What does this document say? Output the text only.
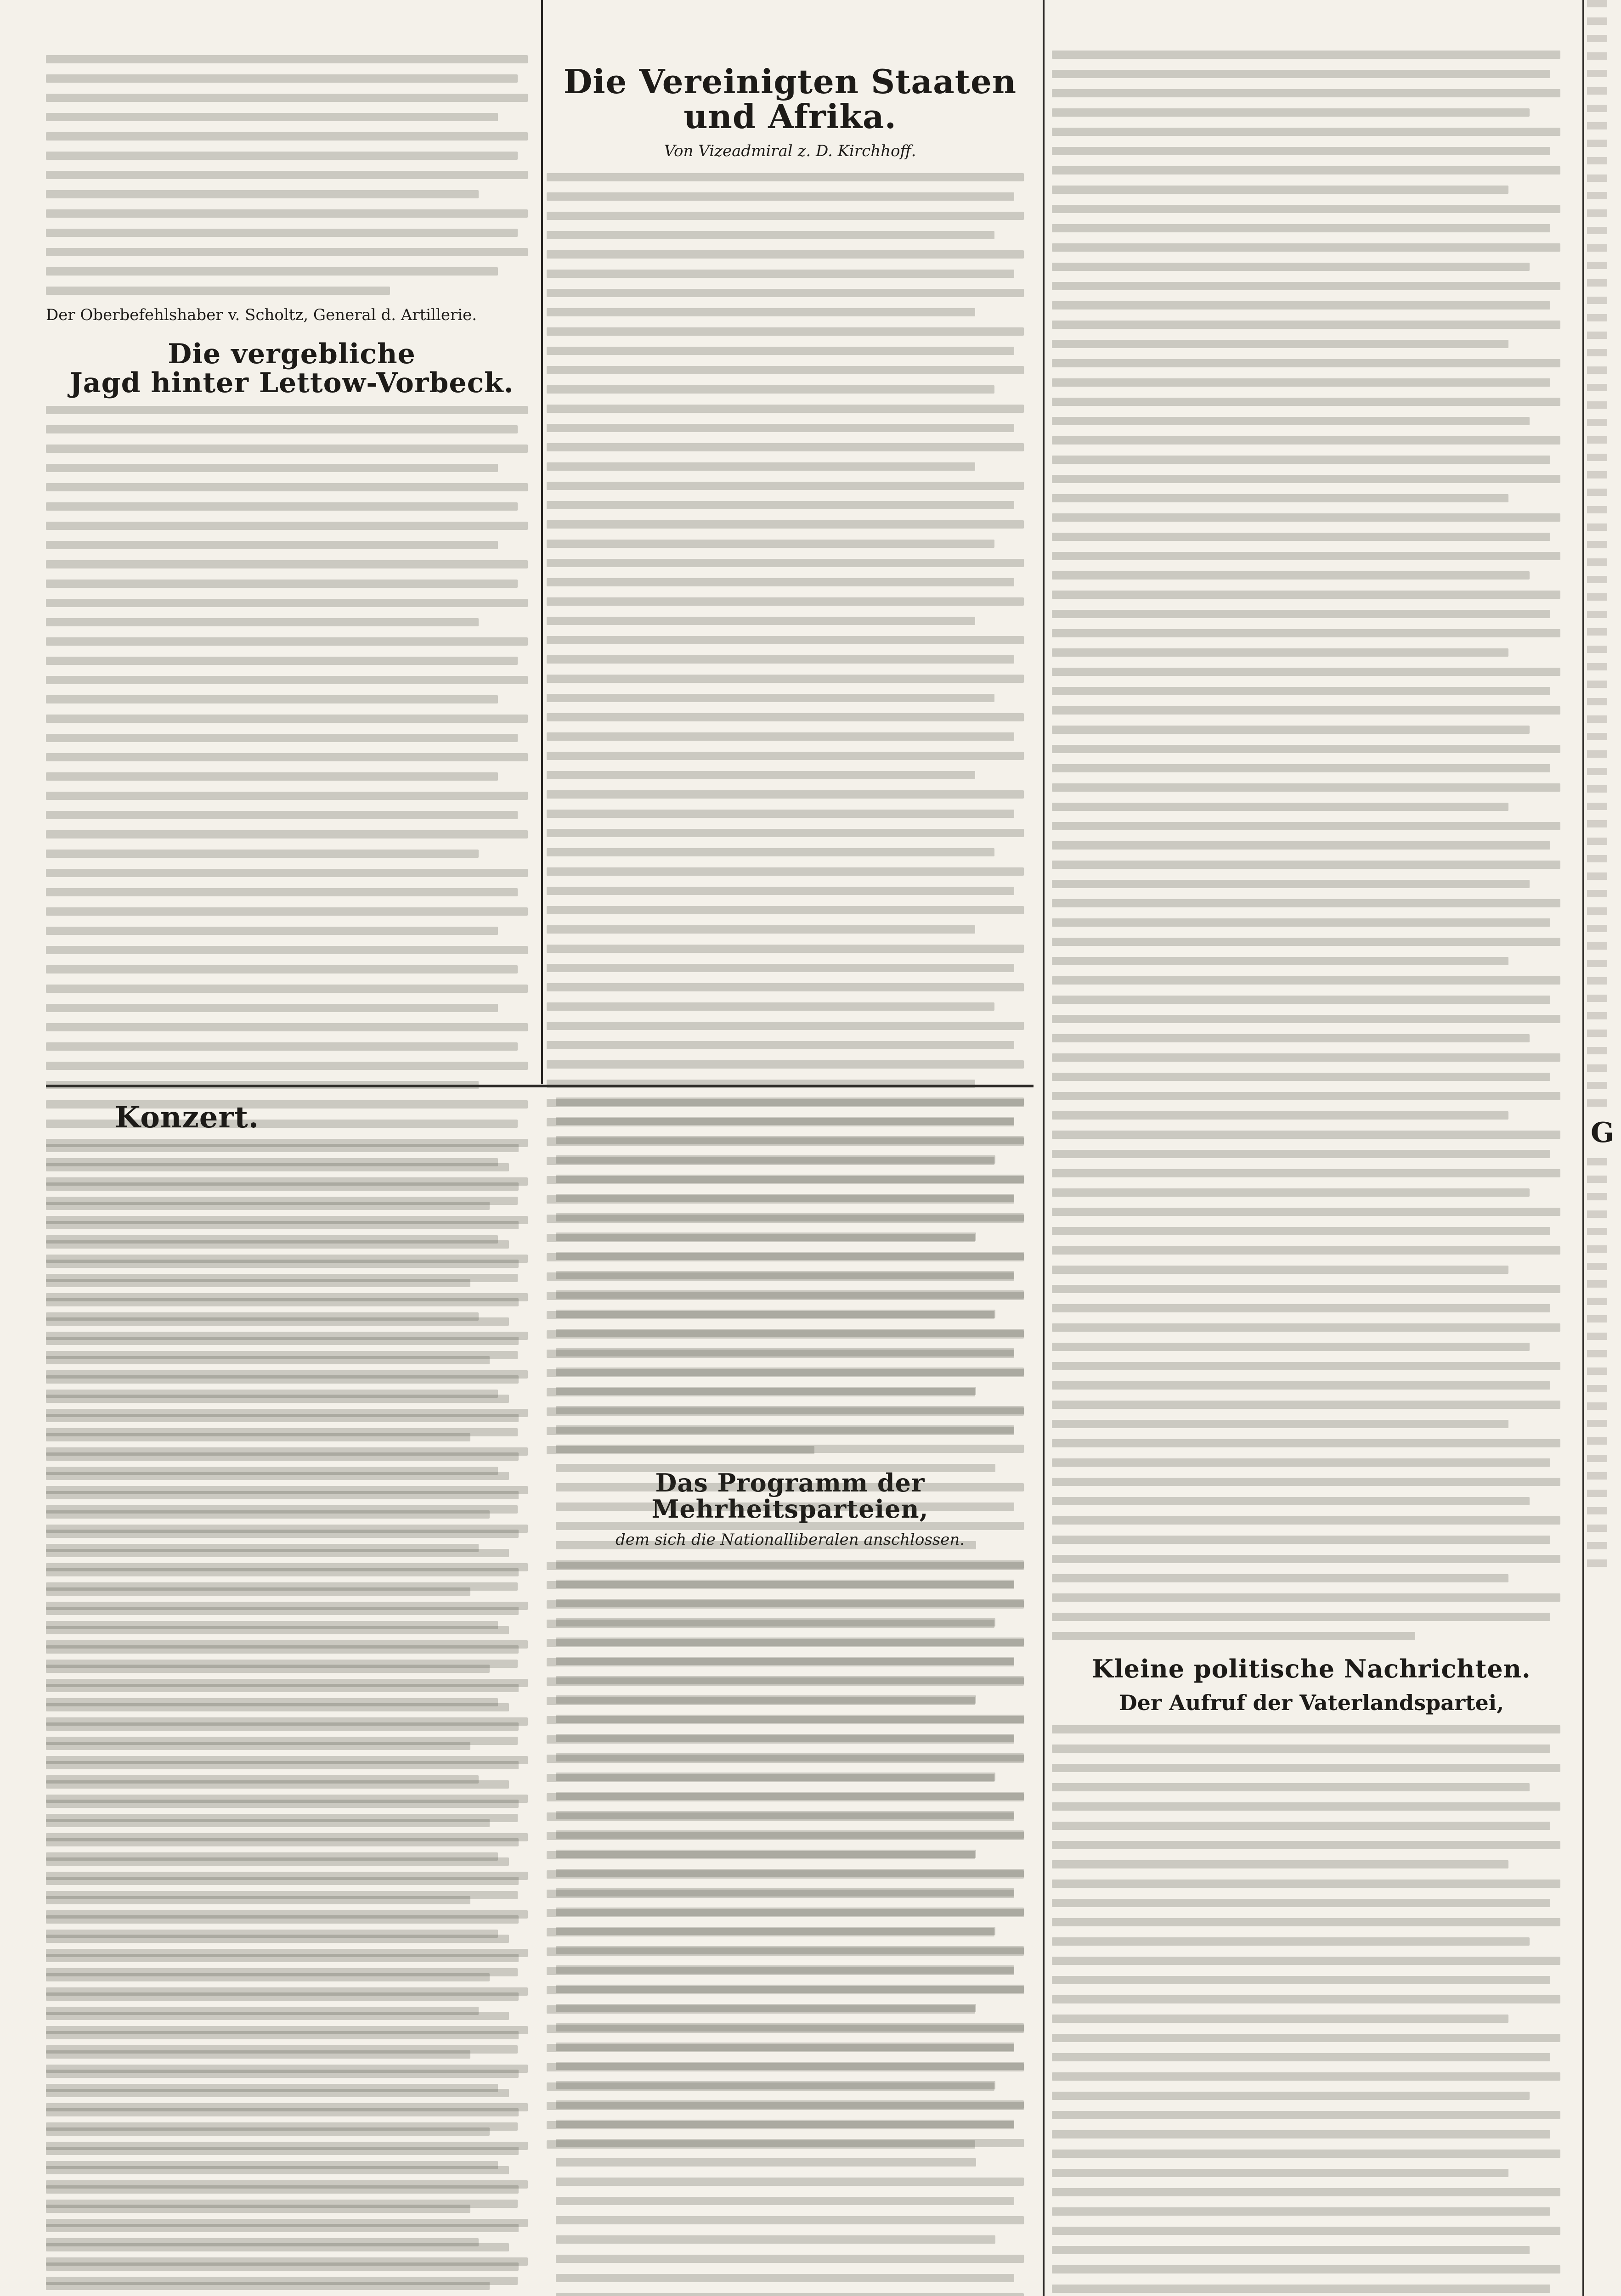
Der Oberbefehlshaber v. Scholtz, General d. Artillerie.
Die vergebliche
Jagd hinter Lettow-Vorbeck.
Die Vereinigten Staaten und Afrika.
Von Vizeadmiral z. D. Kirchhoff.
Das Programm der Mehrheitsparteien,
dem sich die Nationalliberalen anschlossen.
Kleine politische Nachrichten.
Der Aufruf der Vaterlandspartei,
Konzert.	G
